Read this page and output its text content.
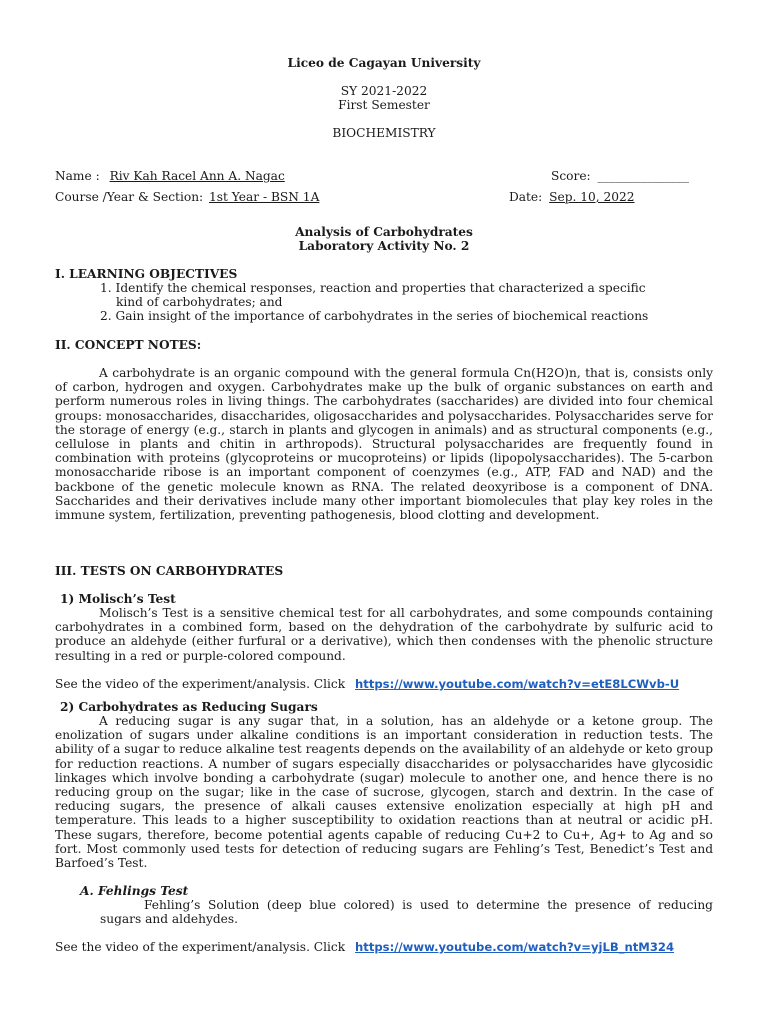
Liceo de Cagayan University
SY 2021-2022
First Semester
BIOCHEMISTRY
Name : Riv Kah Racel Ann A. Nagac	Score: _______________
Course /Year & Section: 1st Year - BSN 1A	Date: Sep. 10, 2022
Analysis of Carbohydrates
Laboratory Activity No. 2
I. LEARNING OBJECTIVES
1. Identify the chemical responses, reaction and properties that characterized a specific
kind of carbohydrates; and
2. Gain insight of the importance of carbohydrates in the series of biochemical reactions
II. CONCEPT NOTES:

A carbohydrate is an organic compound with the general formula Cn(H2O)n, that is, consists only of carbon, hydrogen and oxygen. Carbohydrates make up the bulk of organic substances on earth and perform numerous roles in living things. The carbohydrates (saccharides) are divided into four chemical groups: monosaccharides, disaccharides, oligosaccharides and polysaccharides. Polysaccharides serve for the storage of energy (e.g., starch in plants and glycogen in animals) and as structural components (e.g., cellulose in plants and chitin in arthropods). Structural polysaccharides are frequently found in combination with proteins (glycoproteins or mucoproteins) or lipids (lipopolysaccharides). The 5-carbon monosaccharide ribose is an important component of coenzymes (e.g., ATP, FAD and NAD) and the backbone of the genetic molecule known as RNA. The related deoxyribose is a component of DNA. Saccharides and their derivatives include many other important biomolecules that play key roles in the immune system, fertilization, preventing pathogenesis, blood clotting and development.

III. TESTS ON CARBOHYDRATES
1) Molisch’s Test

Molisch’s Test is a sensitive chemical test for all carbohydrates, and some compounds containing carbohydrates in a combined form, based on the dehydration of the carbohydrate by sulfuric acid to produce an aldehyde (either furfural or a derivative), which then condenses with the phenolic structure resulting in a red or purple-colored compound.

See the video of the experiment/analysis. Click https://www.youtube.com/watch?v=etE8LCWvb-U
2) Carbohydrates as Reducing Sugars

A reducing sugar is any sugar that, in a solution, has an aldehyde or a ketone group. The enolization of sugars under alkaline conditions is an important consideration in reduction tests. The ability of a sugar to reduce alkaline test reagents depends on the availability of an aldehyde or keto group for reduction reactions. A number of sugars especially disaccharides or polysaccharides have glycosidic linkages which involve bonding a carbohydrate (sugar) molecule to another one, and hence there is no reducing group on the sugar; like in the case of sucrose, glycogen, starch and dextrin. In the case of reducing sugars, the presence of alkali causes extensive enolization especially at high pH and temperature. This leads to a higher susceptibility to oxidation reactions than at neutral or acidic pH. These sugars, therefore, become potential agents capable of reducing Cu+2 to Cu+, Ag+ to Ag and so fort. Most commonly used tests for detection of reducing sugars are Fehling’s Test, Benedict’s Test and Barfoed’s Test.

A. Fehlings Test

Fehling’s Solution (deep blue colored) is used to determine the presence of reducing sugars and aldehydes.

See the video of the experiment/analysis. Click https://www.youtube.com/watch?v=yjLB_ntM324
